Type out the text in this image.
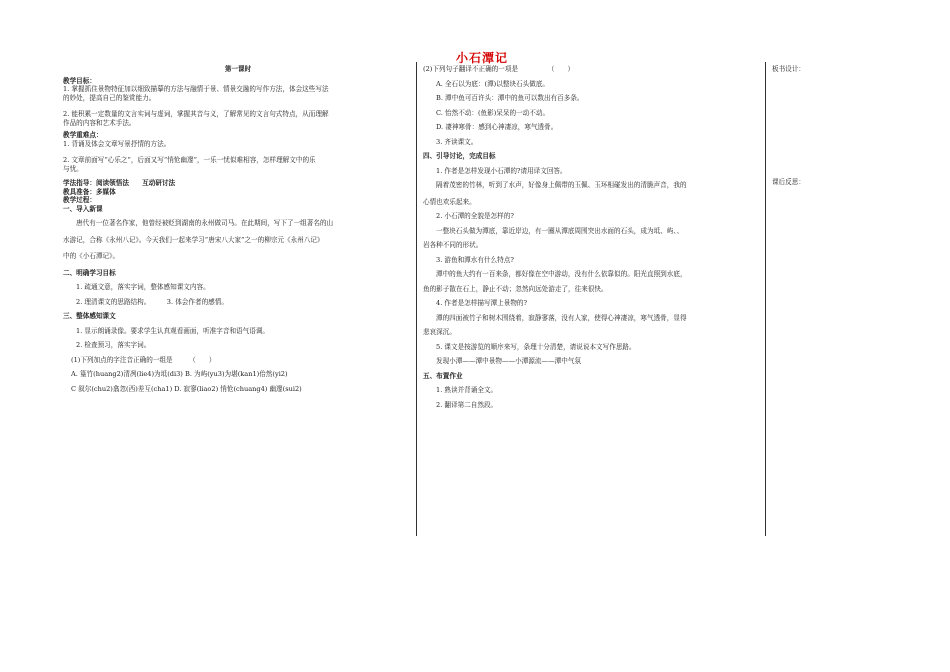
小石潭记

第一课时

教学目标：

1. 掌握抓住景物特征加以细致描摹的方法与融情于景、情景交融的写作方法，体会这些写法

的妙处，提高自己的鉴赏能力。

2. 能积累一定数量的文言实词与虚词，掌握其音与义，了解常见的文言句式特点，从而理解

作品的内容和艺术手法。

教学重难点：

1. 背诵及体会文章写景抒情的方法。

2. 文章前面写“心乐之”，后面又写“悄怆幽邃”，一乐一忧似难相容，怎样理解文中的乐

与忧。

学法指导：阅读领悟法　　互动研讨法

教具准备：多媒体

教学过程：

一、导入新课

唐代有一位著名作家，他曾经被贬到湖南的永州做司马。在此期间，写下了一组著名的山

水游记，合称《永州八记》。今天我们一起来学习“唐宋八大家”之一的柳宗元《永州八记》

中的《小石潭记》。

二、明确学习目标

1. 疏通文意，落实字词，整体感知课文内容。

2. 理清课文的思路结构。　　　3. 体会作者的感情。

三、整体感知课文

1. 显示朗诵录像。要求学生认真观看画面，听准字音和语气语调。

2. 检查预习，落实字词。

(1)下列加点的字注音正确的一组是　　　（　　）

A. 篁竹(huang2)清冽(lie4)为坻(di3) B. 为屿(yu3)为堪(kan1)佁然(yi2)

C 叙尔(chu2)翕忽(西)差互(cha1) D. 寂寥(liao2) 悄怆(chuang4) 幽邃(sui2)

(2)下列句子翻译不正确的一项是　　　　　（　　）

A. 全石以为底：(潭)以整块石头做底。

B. 潭中鱼可百许头：潭中的鱼可以数出有百多条。

C. 怡然不动：(鱼影)呆呆的一动不动。

D. 凄神寒骨：感到心神凄凉，寒气透骨。

3. 齐读课文。

四、引导讨论，完成目标

1. 作者是怎样发现小石潭的?请用译文回答。

隔着茂密的竹林，听到了水声，好像身上佩带的玉佩、玉环相碰发出的清脆声音，我的

心情也欢乐起来。

2. 小石潭的全貌是怎样的?

一整块石头做为潭底，靠近岸边，有一圈从潭底周围突出水面的石头，成为坻、屿、、

岩各种不同的形状。

3. 游鱼和潭水有什么特点?

潭中的鱼大约有一百来条，都好像在空中游动，没有什么依靠似的。阳光直照到水底，

鱼的影子散在石上，静止不动；忽然向远处游走了，往来很快。

4. 作者是怎样描写潭上景物的?

潭的四面被竹子和树木围绕着，寂静寥落，没有人家，使得心神凄凉，寒气透骨，显得

悲哀深沉。

5. 课文是按游览的顺序来写，条理十分清楚，请说说本文写作思路。

发现小潭——潭中景物——小潭源流——潭中气氛

五、布置作业

1. 熟读并背诵全文。

2. 翻译第二自然段。

板书设计：

课后反思：
